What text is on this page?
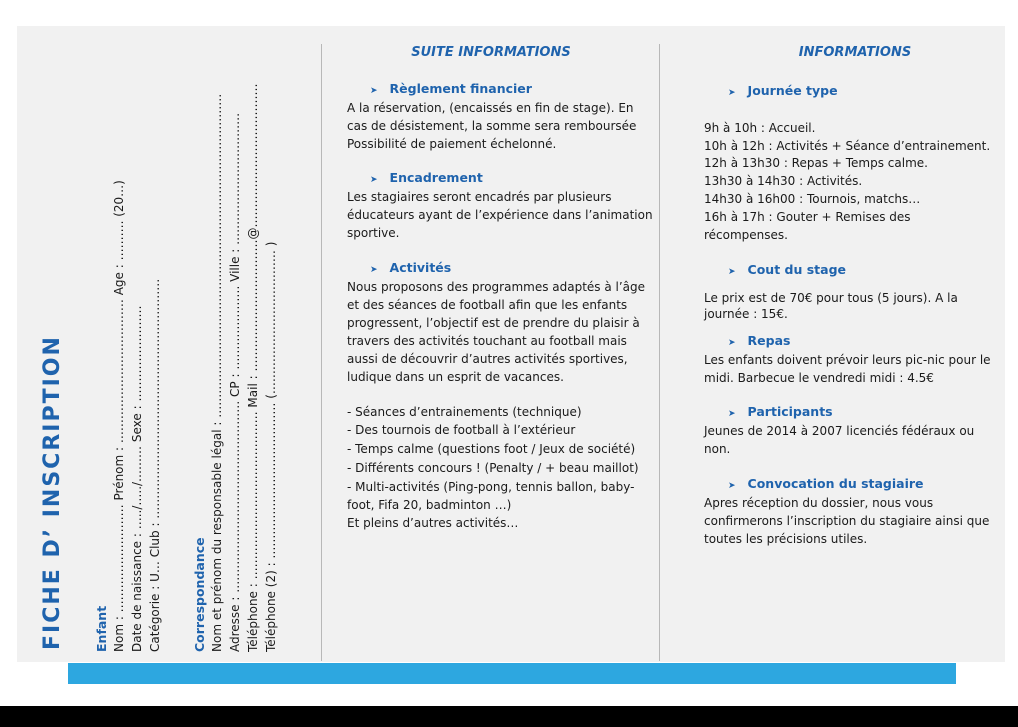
FICHE D’ INSCRIPTION Enfant Nom : ……………………… Prénom : ……………………………… Age : ………. (20…) Date de naissance : …../…../……… Sexe : …………………… Catégorie : U… Club : …………………………………………………… Correspondance Nom et prénom du responsable légal : ……………………………………………………………………… Adresse : ………………………………………… CP : ………………… Ville : …………………………… Téléphone : …………………………………… Mail : ……………………………@……………………………… Téléphone (2) : ………………………………… (……………………………… )
SUITE INFORMATIONS
➤ Règlement financier
A la réservation, (encaissés en fin de stage). En
cas de désistement, la somme sera remboursée
Possibilité de paiement échelonné.
➤ Encadrement
Les stagiaires seront encadrés par plusieurs
éducateurs ayant de l’expérience dans l’animation
sportive.
➤ Activités
Nous proposons des programmes adaptés à l’âge
et des séances de football afin que les enfants
progressent, l’objectif est de prendre du plaisir à
travers des activités touchant au football mais
aussi de découvrir d’autres activités sportives,
ludique dans un esprit de vacances.
- Séances d’entrainements (technique)
- Des tournois de football à l’extérieur
- Temps calme (questions foot / Jeux de société)
- Différents concours ! (Penalty / + beau maillot)
- Multi-activités (Ping-pong, tennis ballon, baby-
foot, Fifa 20, badminton …)
Et pleins d’autres activités…
INFORMATIONS
➤ Journée type
9h à 10h : Accueil.
10h à 12h : Activités + Séance d’entrainement.
12h à 13h30 : Repas + Temps calme.
13h30 à 14h30 : Activités.
14h30 à 16h00 : Tournois, matchs…
16h à 17h : Gouter + Remises des
récompenses.
➤ Cout du stage
Le prix est de 70€ pour tous (5 jours). A la
journée : 15€.
➤ Repas
Les enfants doivent prévoir leurs pic-nic pour le
midi. Barbecue le vendredi midi : 4.5€
➤ Participants
Jeunes de 2014 à 2007 licenciés fédéraux ou
non.
➤ Convocation du stagiaire
Apres réception du dossier, nous vous
confirmerons l’inscription du stagiaire ainsi que
toutes les précisions utiles.
